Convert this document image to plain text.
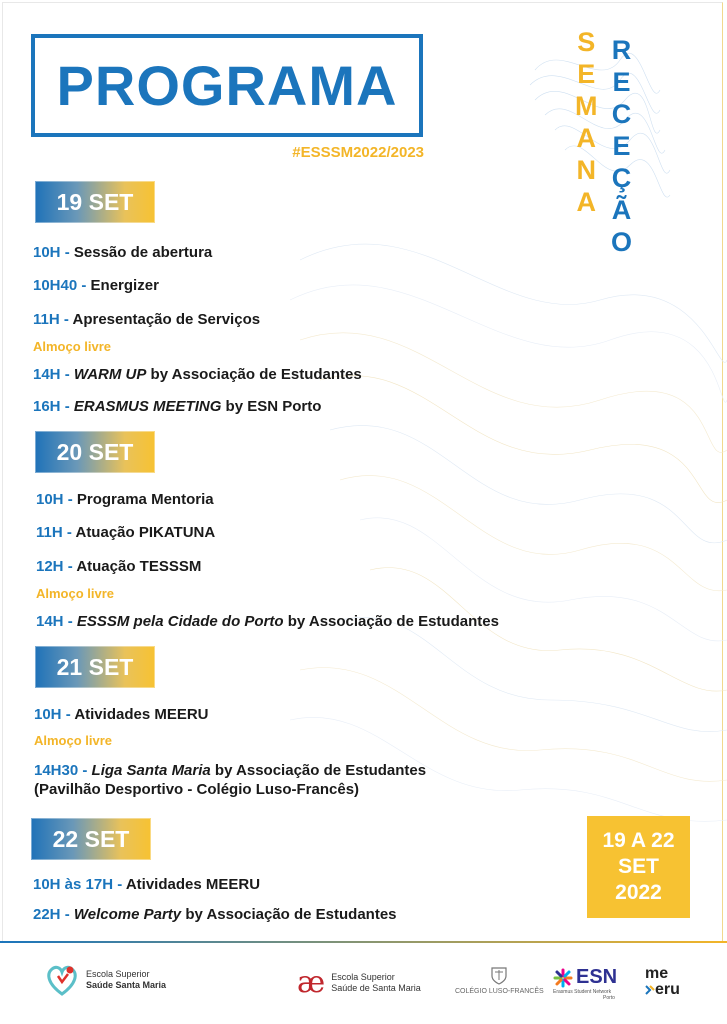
PROGRAMA
#ESSSM2022/2023
S
E
M
A
N
A
R
E
C
E
Ç
Ã
O
19 SET
10H - Sessão de abertura
10H40 - Energizer
11H - Apresentação de Serviços
Almoço livre
14H - WARM UP by Associação de Estudantes
16H - ERASMUS MEETING by ESN Porto
20 SET
10H - Programa Mentoria
11H - Atuação PIKATUNA
12H - Atuação TESSSM
Almoço livre
14H - ESSSM pela Cidade do Porto by Associação de Estudantes
21 SET
10H - Atividades MEERU
Almoço livre
14H30 - Liga Santa Maria by Associação de Estudantes
(Pavilhão Desportivo - Colégio Luso-Francês)
22 SET
10H às 17H - Atividades MEERU
22H - Welcome Party by Associação de Estudantes
19 A 22
SET
2022
Escola Superior
Saúde Santa Maria	æ Escola Superior
Saúde de Santa Maria	COLÉGIO LUSO-FRANCÊS
ESN
Erasmus Student Network
Porto
me
eru
